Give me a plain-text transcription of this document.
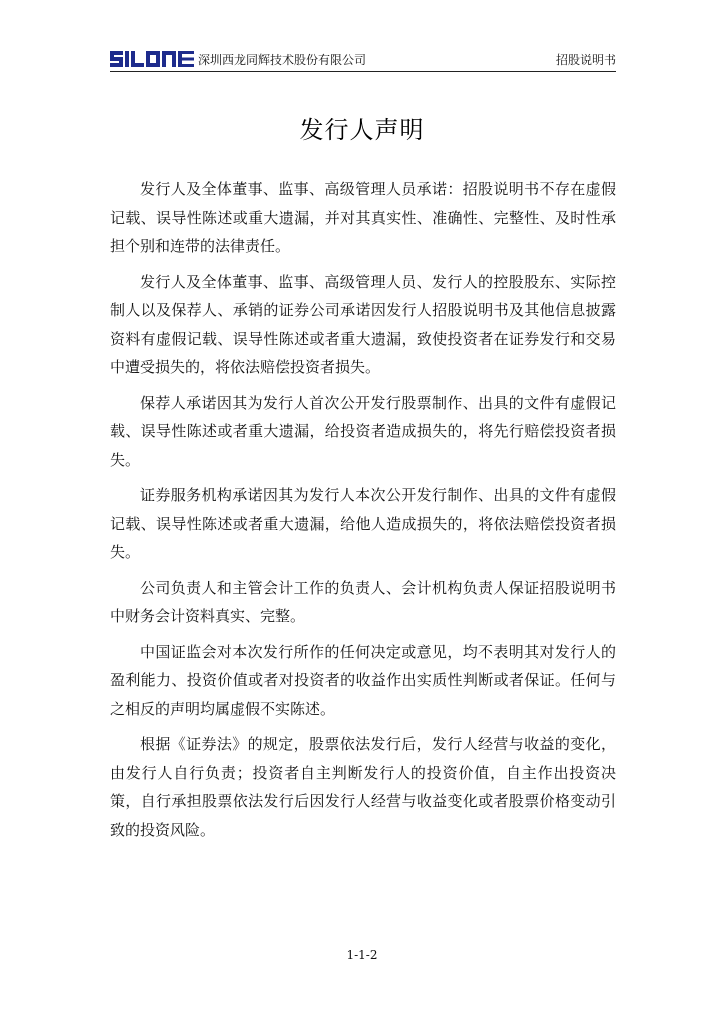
深圳西龙同辉技术股份有限公司	招股说明书
发行人声明

发行人及全体董事、监事、高级管理人员承诺：招股说明书不存在虚假记载、误导性陈述或重大遗漏，并对其真实性、准确性、完整性、及时性承担个别和连带的法律责任。

发行人及全体董事、监事、高级管理人员、发行人的控股股东、实际控制人以及保荐人、承销的证券公司承诺因发行人招股说明书及其他信息披露资料有虚假记载、误导性陈述或者重大遗漏，致使投资者在证券发行和交易中遭受损失的，将依法赔偿投资者损失。

保荐人承诺因其为发行人首次公开发行股票制作、出具的文件有虚假记载、误导性陈述或者重大遗漏，给投资者造成损失的，将先行赔偿投资者损失。

证券服务机构承诺因其为发行人本次公开发行制作、出具的文件有虚假记载、误导性陈述或者重大遗漏，给他人造成损失的，将依法赔偿投资者损失。

公司负责人和主管会计工作的负责人、会计机构负责人保证招股说明书中财务会计资料真实、完整。

中国证监会对本次发行所作的任何决定或意见，均不表明其对发行人的盈利能力、投资价值或者对投资者的收益作出实质性判断或者保证。任何与之相反的声明均属虚假不实陈述。

根据《证券法》的规定，股票依法发行后，发行人经营与收益的变化，由发行人自行负责；投资者自主判断发行人的投资价值，自主作出投资决策，自行承担股票依法发行后因发行人经营与收益变化或者股票价格变动引致的投资风险。

1-1-2
